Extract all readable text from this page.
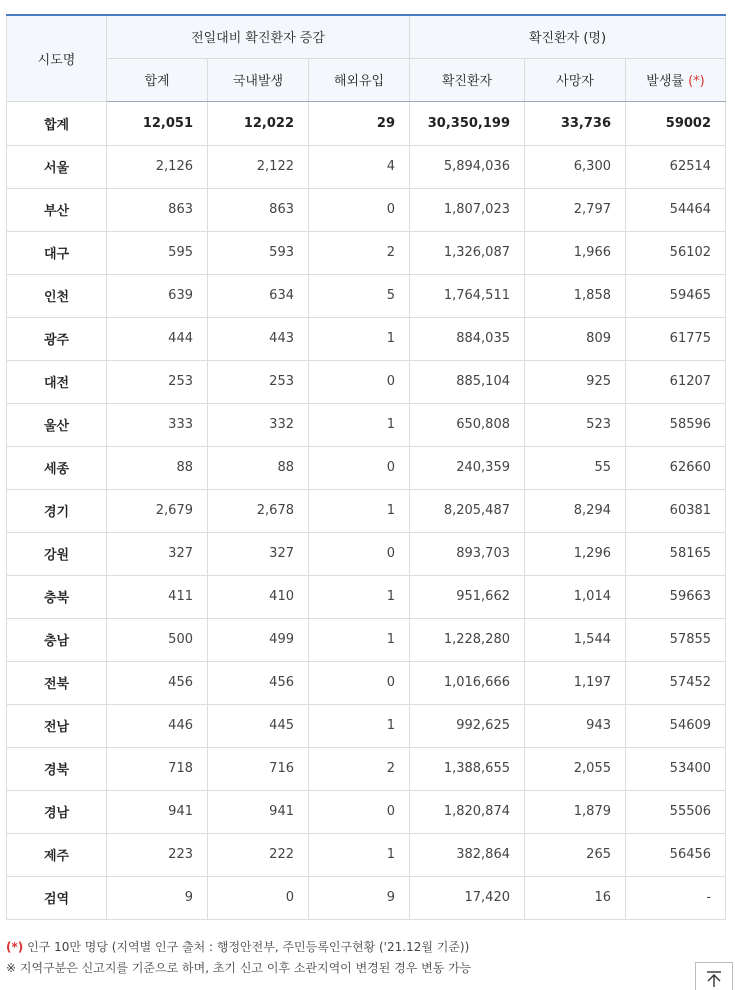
시도명	전일대비 확진환자 증감			확진환자 (명)		
	합계	국내발생	해외유입	확진환자	사망자	발생률 (*)
합계	12,051	12,022	29	30,350,199	33,736	59002
서울	2,126	2,122	4	5,894,036	6,300	62514
부산	863	863	0	1,807,023	2,797	54464
대구	595	593	2	1,326,087	1,966	56102
인천	639	634	5	1,764,511	1,858	59465
광주	444	443	1	884,035	809	61775
대전	253	253	0	885,104	925	61207
울산	333	332	1	650,808	523	58596
세종	88	88	0	240,359	55	62660
경기	2,679	2,678	1	8,205,487	8,294	60381
강원	327	327	0	893,703	1,296	58165
충북	411	410	1	951,662	1,014	59663
충남	500	499	1	1,228,280	1,544	57855
전북	456	456	0	1,016,666	1,197	57452
전남	446	445	1	992,625	943	54609
경북	718	716	2	1,388,655	2,055	53400
경남	941	941	0	1,820,874	1,879	55506
제주	223	222	1	382,864	265	56456
검역	9	0	9	17,420	16	-
(*) 인구 10만 명당 (지역별 인구 출처 : 행정안전부, 주민등록인구현황 ('21.12월 기준))
※ 지역구분은 신고지를 기준으로 하며, 초기 신고 이후 소관지역이 변경된 경우 변동 가능
